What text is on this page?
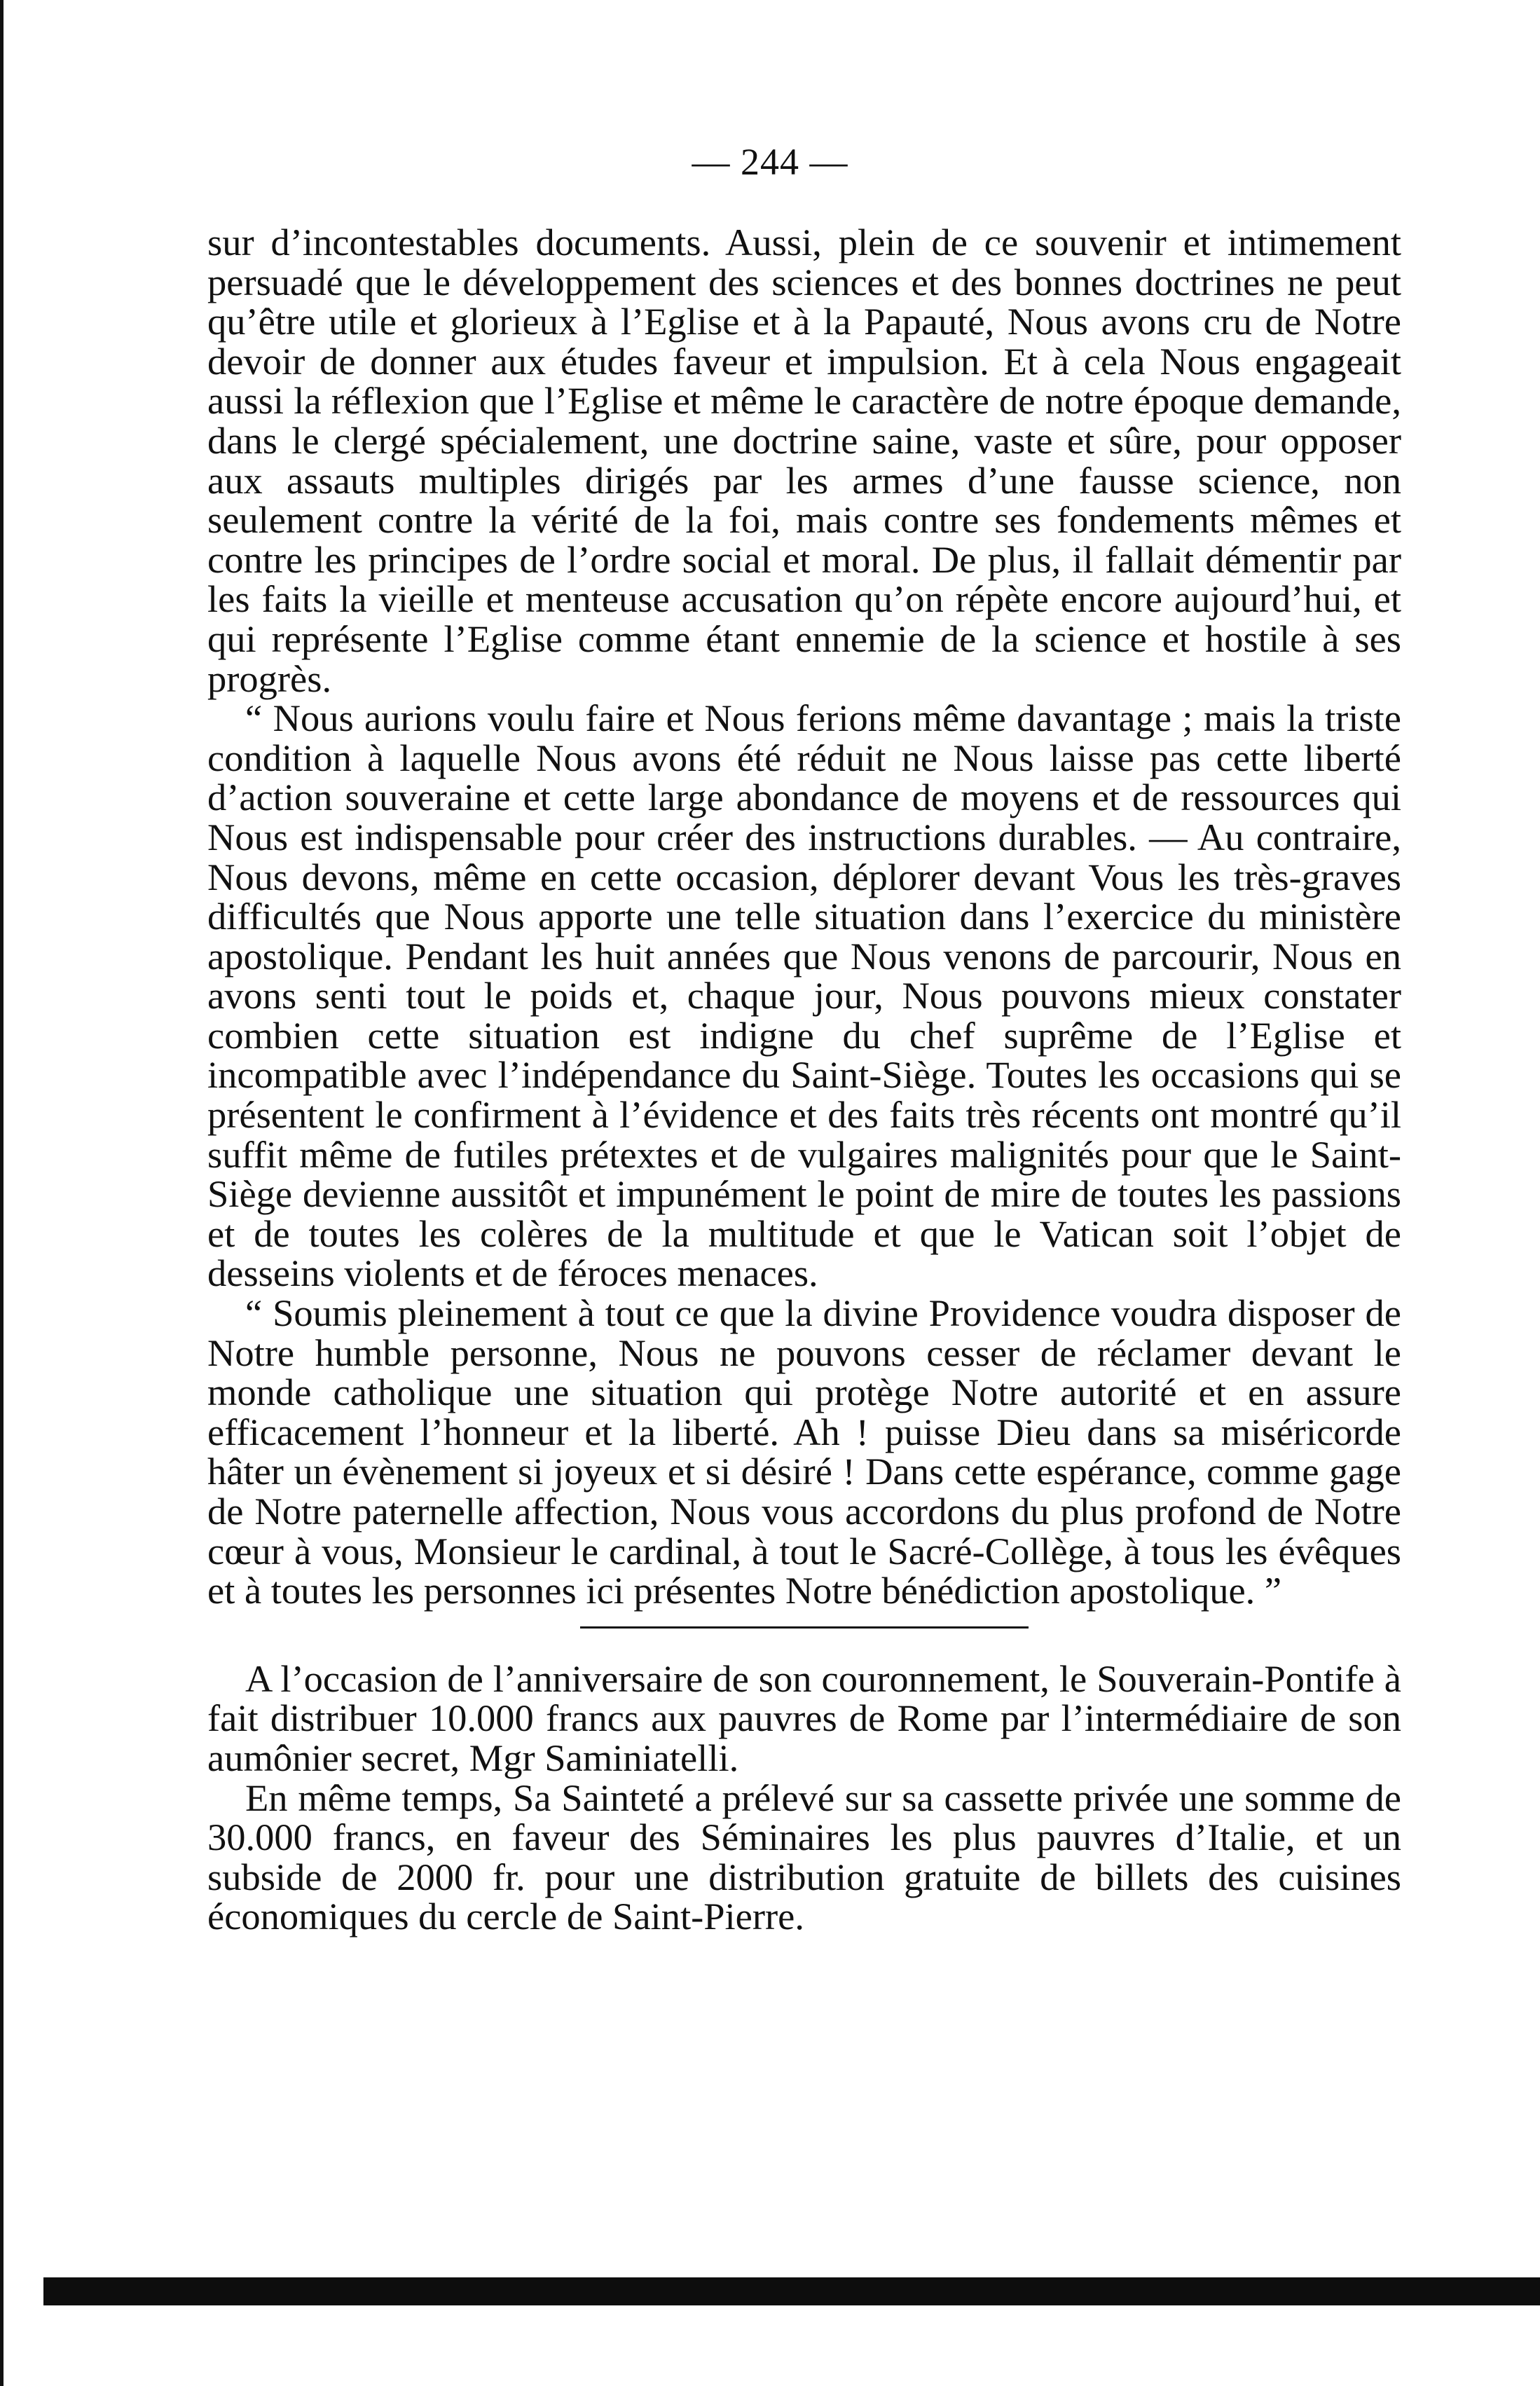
— 244 —

sur d’incontestables documents. Aussi, plein de ce souvenir et intimement persuadé que le développement des sciences et des bonnes doctrines ne peut qu’être utile et glorieux à l’Eglise et à la Papauté, Nous avons cru de Notre devoir de donner aux études faveur et impulsion. Et à cela Nous engageait aussi la réflexion que l’Eglise et même le caractère de notre époque demande, dans le clergé spécialement, une doctrine saine, vaste et sûre, pour opposer aux assauts multiples dirigés par les armes d’une fausse science, non seulement contre la vérité de la foi, mais contre ses fondements mêmes et contre les principes de l’ordre social et moral. De plus, il fallait démentir par les faits la vieille et menteuse accusation qu’on répète encore aujourd’hui, et qui représente l’Eglise comme étant ennemie de la science et hostile à ses progrès.

“ Nous aurions voulu faire et Nous ferions même davantage ; mais la triste condition à laquelle Nous avons été réduit ne Nous laisse pas cette liberté d’action souveraine et cette large abondance de moyens et de ressources qui Nous est indispensable pour créer des instructions durables. — Au contraire, Nous devons, même en cette occasion, déplorer devant Vous les très-graves difficultés que Nous apporte une telle situation dans l’exercice du ministère apostolique. Pendant les huit années que Nous venons de parcourir, Nous en avons senti tout le poids et, chaque jour, Nous pouvons mieux constater combien cette situation est indigne du chef suprême de l’Eglise et incompatible avec l’indépendance du Saint-Siège. Toutes les occasions qui se présentent le confirment à l’évidence et des faits très récents ont montré qu’il suffit même de futiles prétextes et de vulgaires malignités pour que le Saint-Siège devienne aussitôt et impunément le point de mire de toutes les passions et de toutes les colères de la multitude et que le Vatican soit l’objet de desseins violents et de féroces menaces.

“ Soumis pleinement à tout ce que la divine Providence voudra disposer de Notre humble personne, Nous ne pouvons cesser de réclamer devant le monde catholique une situation qui protège Notre autorité et en assure efficacement l’honneur et la liberté. Ah ! puisse Dieu dans sa miséricorde hâter un évènement si joyeux et si désiré ! Dans cette espérance, comme gage de Notre paternelle affection, Nous vous accordons du plus profond de Notre cœur à vous, Monsieur le cardinal, à tout le Sacré-Collège, à tous les évêques et à toutes les personnes ici présentes Notre bénédiction apostolique. ”

A l’occasion de l’anniversaire de son couronnement, le Souverain-Pontife à fait distribuer 10.000 francs aux pauvres de Rome par l’intermédiaire de son aumônier secret, Mgr Saminiatelli.

En même temps, Sa Sainteté a prélevé sur sa cassette privée une somme de 30.000 francs, en faveur des Séminaires les plus pauvres d’Italie, et un subside de 2000 fr. pour une distribution gratuite de billets des cuisines économiques du cercle de Saint-Pierre.
